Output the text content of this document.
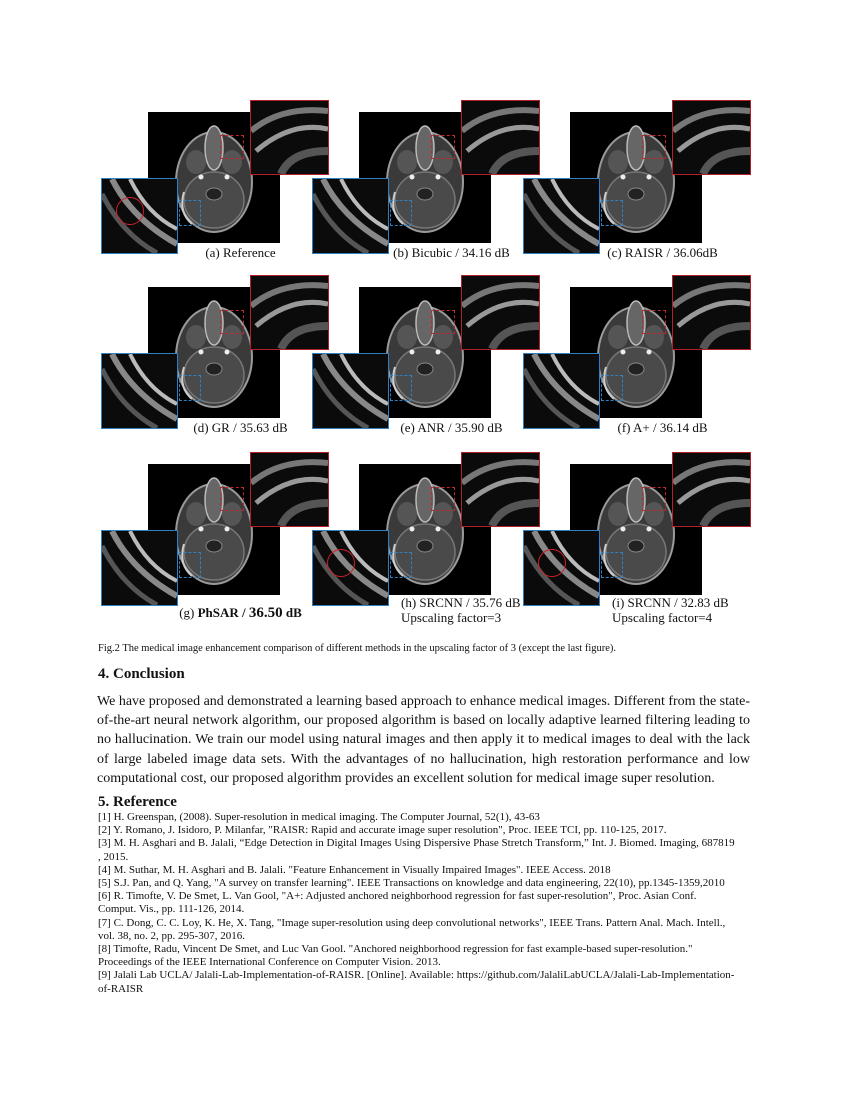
(a) Reference	(b) Bicubic / 34.16 dB	(c) RAISR / 36.06dB
(d) GR / 35.63 dB	(e) ANR / 35.90 dB	(f) A+ / 36.14 dB
(g) PhSAR / 36.50 dB
(h) SRCNN / 35.76 dB
Upscaling factor=3
(i) SRCNN / 32.83 dB
Upscaling factor=4
Fig.2 The medical image enhancement comparison of different methods in the upscaling factor of 3 (except the last figure).
4. Conclusion
We have proposed and demonstrated a learning based approach to enhance medical images. Different from the state-
of-the-art neural network algorithm, our proposed algorithm is based on locally adaptive learned filtering leading to
no hallucination. We train our model using natural images and then apply it to medical images to deal with the lack
of large labeled image data sets. With the advantages of no hallucination, high restoration performance and low
computational cost, our proposed algorithm provides an excellent solution for medical image super resolution.
5. Reference
[1] H. Greenspan, (2008). Super-resolution in medical imaging. The Computer Journal, 52(1), 43-63
[2] Y. Romano, J. Isidoro, P. Milanfar, "RAISR: Rapid and accurate image super resolution", Proc. IEEE TCI, pp. 110-125, 2017.
[3] M. H. Asghari and B. Jalali, “Edge Detection in Digital Images Using Dispersive Phase Stretch Transform,” Int. J. Biomed. Imaging, 687819
, 2015.
[4] M. Suthar, M. H. Asghari and B. Jalali. "Feature Enhancement in Visually Impaired Images". IEEE Access. 2018
[5] S.J. Pan, and Q. Yang, "A survey on transfer learning". IEEE Transactions on knowledge and data engineering, 22(10), pp.1345-1359,2010
[6] R. Timofte, V. De Smet, L. Van Gool, "A+: Adjusted anchored neighborhood regression for fast super-resolution", Proc. Asian Conf.
Comput. Vis., pp. 111-126, 2014.
[7] C. Dong, C. C. Loy, K. He, X. Tang, "Image super-resolution using deep convolutional networks", IEEE Trans. Pattern Anal. Mach. Intell.,
vol. 38, no. 2, pp. 295-307, 2016.
[8] Timofte, Radu, Vincent De Smet, and Luc Van Gool. "Anchored neighborhood regression for fast example-based super-resolution."
Proceedings of the IEEE International Conference on Computer Vision. 2013.
[9] Jalali Lab UCLA/ Jalali-Lab-Implementation-of-RAISR. [Online]. Available: https://github.com/JalaliLabUCLA/Jalali-Lab-Implementation-
of-RAISR
